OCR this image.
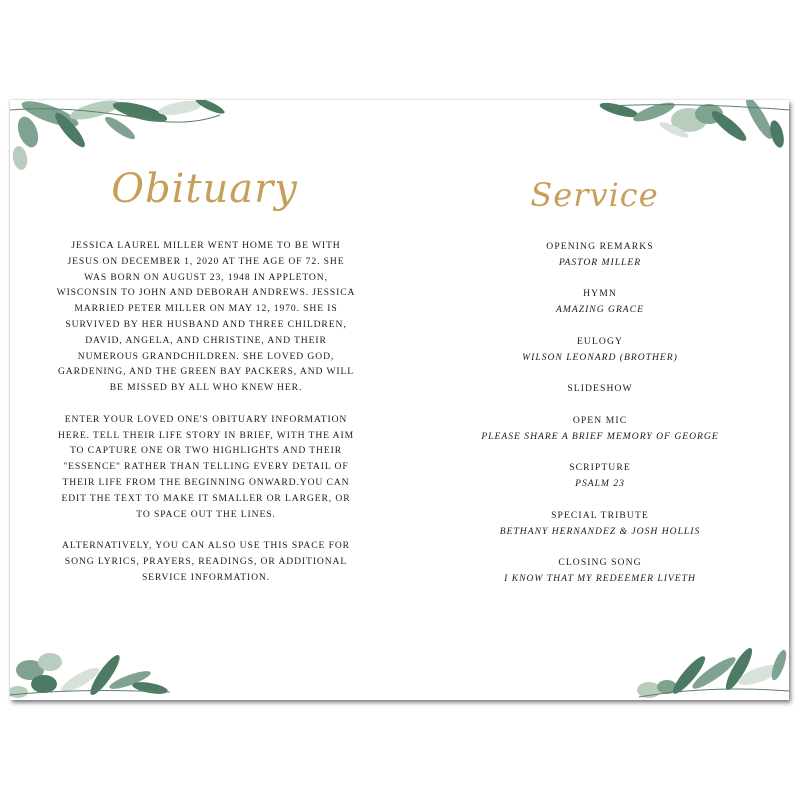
Obituary

JESSICA LAUREL MILLER WENT HOME TO BE WITH JESUS ON DECEMBER 1, 2020 AT THE AGE OF 72. SHE WAS BORN ON AUGUST 23, 1948 IN APPLETON, WISCONSIN TO JOHN AND DEBORAH ANDREWS. JESSICA MARRIED PETER MILLER ON MAY 12, 1970. SHE IS SURVIVED BY HER HUSBAND AND THREE CHILDREN, DAVID, ANGELA, AND CHRISTINE, AND THEIR NUMEROUS GRANDCHILDREN. SHE LOVED GOD, GARDENING, AND THE GREEN BAY PACKERS, AND WILL BE MISSED BY ALL WHO KNEW HER.

ENTER YOUR LOVED ONE'S OBITUARY INFORMATION HERE. TELL THEIR LIFE STORY IN BRIEF, WITH THE AIM TO CAPTURE ONE OR TWO HIGHLIGHTS AND THEIR "ESSENCE" RATHER THAN TELLING EVERY DETAIL OF THEIR LIFE FROM THE BEGINNING ONWARD.YOU CAN EDIT THE TEXT TO MAKE IT SMALLER OR LARGER, OR TO SPACE OUT THE LINES.

ALTERNATIVELY, YOU CAN ALSO USE THIS SPACE FOR SONG LYRICS, PRAYERS, READINGS, OR ADDITIONAL SERVICE INFORMATION.

Service
OPENING REMARKS
PASTOR MILLER
HYMN
AMAZING GRACE
EULOGY
WILSON LEONARD (BROTHER)
SLIDESHOW
OPEN MIC
PLEASE SHARE A BRIEF MEMORY OF GEORGE
SCRIPTURE
PSALM 23
SPECIAL TRIBUTE
BETHANY HERNANDEZ & JOSH HOLLIS
CLOSING SONG
I KNOW THAT MY REDEEMER LIVETH
